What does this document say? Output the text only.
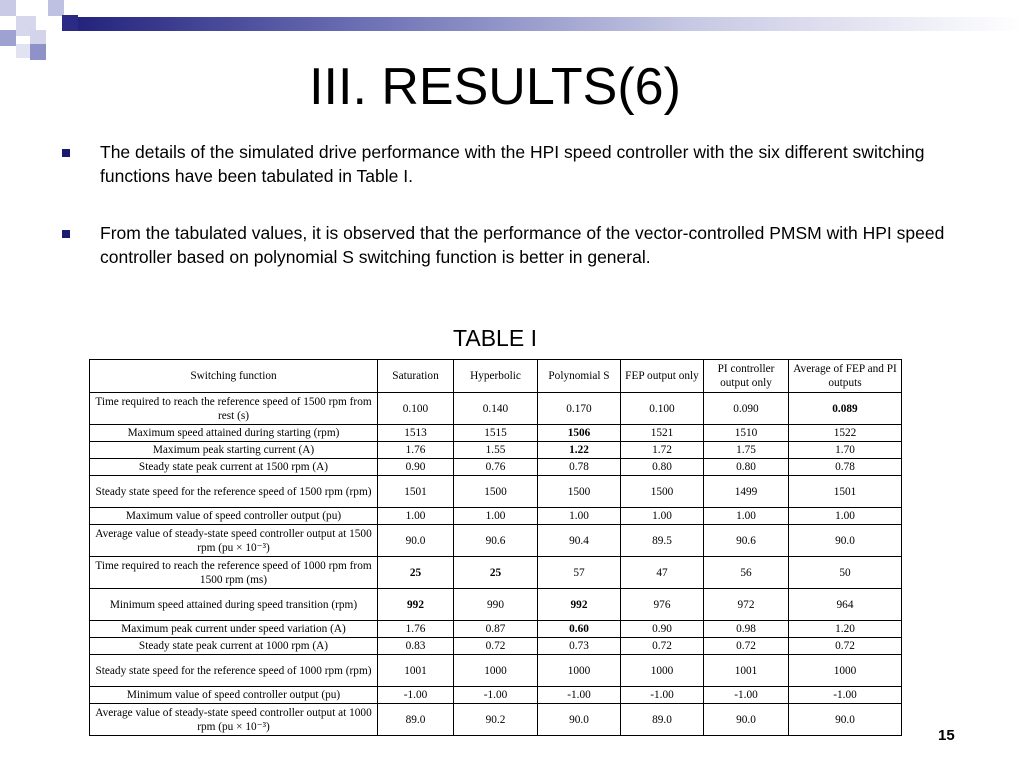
III. RESULTS(6)
The details of the simulated drive performance with the HPI speed controller with the six different switching functions have been tabulated in Table I.
From the tabulated values, it is observed that the performance of the vector-controlled PMSM with HPI speed controller based on polynomial S switching function is better in general.
TABLE I
Switching function	Saturation	Hyperbolic	Polynomial S	FEP output only	PI controller output only	Average of FEP and PI outputs
Time required to reach the reference speed of 1500 rpm from rest (s)	0.100	0.140	0.170	0.100	0.090	0.089
Maximum speed attained during starting (rpm)	1513	1515	1506	1521	1510	1522
Maximum peak starting current (A)	1.76	1.55	1.22	1.72	1.75	1.70
Steady state peak current at 1500 rpm (A)	0.90	0.76	0.78	0.80	0.80	0.78
Steady state speed for the reference speed of 1500 rpm (rpm)	1501	1500	1500	1500	1499	1501
Maximum value of speed controller output (pu)	1.00	1.00	1.00	1.00	1.00	1.00
Average value of steady-state speed controller output at 1500 rpm (pu × 10⁻³)	90.0	90.6	90.4	89.5	90.6	90.0
Time required to reach the reference speed of 1000 rpm from 1500 rpm (ms)	25	25	57	47	56	50
Minimum speed attained during speed transition (rpm)	992	990	992	976	972	964
Maximum peak current under speed variation (A)	1.76	0.87	0.60	0.90	0.98	1.20
Steady state peak current at 1000 rpm (A)	0.83	0.72	0.73	0.72	0.72	0.72
Steady state speed for the reference speed of 1000 rpm (rpm)	1001	1000	1000	1000	1001	1000
Minimum value of speed controller output (pu)	-1.00	-1.00	-1.00	-1.00	-1.00	-1.00
Average value of steady-state speed controller output at 1000 rpm (pu × 10⁻³)	89.0	90.2	90.0	89.0	90.0	90.0
15
